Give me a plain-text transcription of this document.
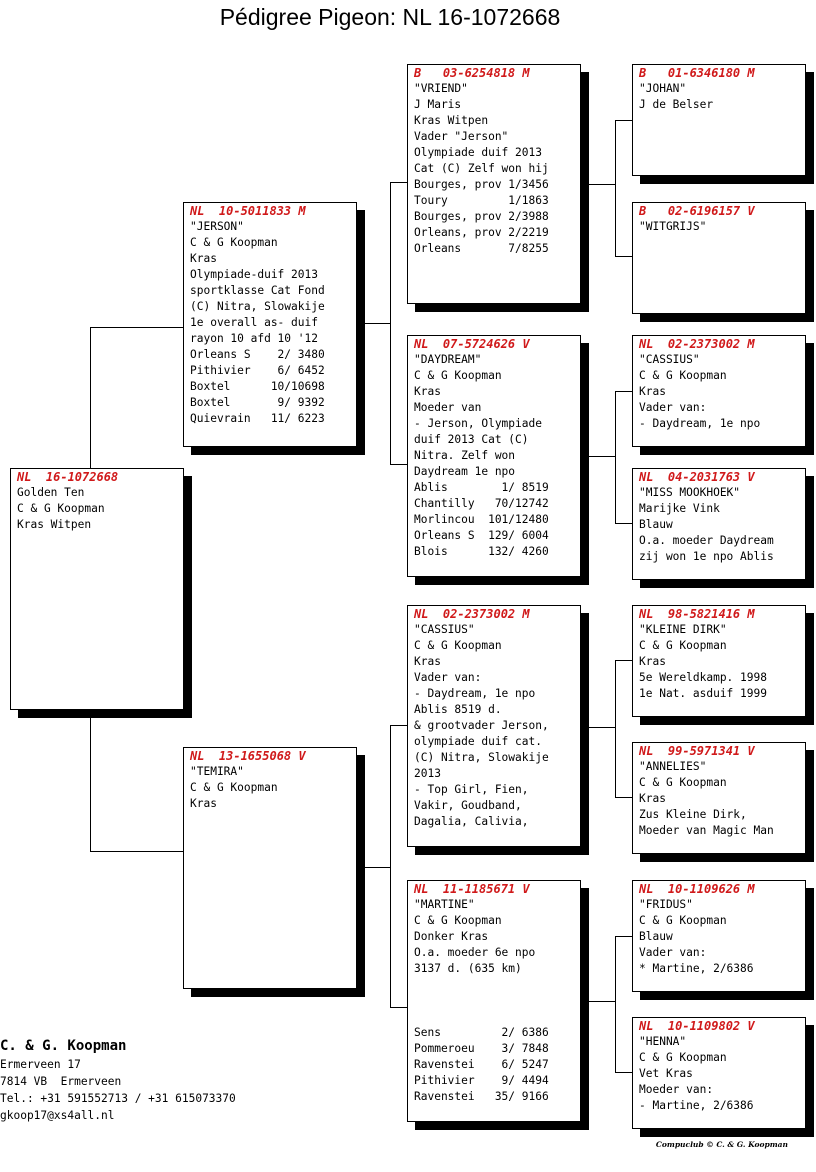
Pédigree Pigeon: NL 16-1072668
NL  16-1072668
Golden Ten
C & G Koopman
Kras Witpen
NL  10-5011833 M
"JERSON"
C & G Koopman
Kras
Olympiade-duif 2013
sportklasse Cat Fond
(C) Nitra, Slowakije
1e overall as- duif
rayon 10 afd 10 '12
Orleans S    2/ 3480
Pithivier    6/ 6452
Boxtel      10/10698
Boxtel       9/ 9392
Quievrain   11/ 6223
NL  13-1655068 V
"TEMIRA"
C & G Koopman
Kras
B   03-6254818 M
"VRIEND"
J Maris
Kras Witpen
Vader "Jerson"
Olympiade duif 2013
Cat (C) Zelf won hij
Bourges, prov 1/3456
Toury         1/1863
Bourges, prov 2/3988
Orleans, prov 2/2219
Orleans       7/8255
NL  07-5724626 V
"DAYDREAM"
C & G Koopman
Kras
Moeder van
- Jerson, Olympiade
duif 2013 Cat (C)
Nitra. Zelf won
Daydream 1e npo
Ablis        1/ 8519
Chantilly   70/12742
Morlincou  101/12480
Orleans S  129/ 6004
Blois      132/ 4260
NL  02-2373002 M
"CASSIUS"
C & G Koopman
Kras
Vader van:
- Daydream, 1e npo
Ablis 8519 d.
& grootvader Jerson,
olympiade duif cat.
(C) Nitra, Slowakije
2013
- Top Girl, Fien,
Vakir, Goudband,
Dagalia, Calivia,
NL  11-1185671 V
"MARTINE"
C & G Koopman
Donker Kras
O.a. moeder 6e npo
3137 d. (635 km)

Sens         2/ 6386
Pommeroeu    3/ 7848
Ravenstei    6/ 5247
Pithivier    9/ 4494
Ravenstei   35/ 9166
B   01-6346180 M
"JOHAN"
J de Belser
B   02-6196157 V
"WITGRIJS"
NL  02-2373002 M
"CASSIUS"
C & G Koopman
Kras
Vader van:
- Daydream, 1e npo
NL  04-2031763 V
"MISS MOOKHOEK"
Marijke Vink
Blauw
O.a. moeder Daydream
zij won 1e npo Ablis
NL  98-5821416 M
"KLEINE DIRK"
C & G Koopman
Kras
5e Wereldkamp. 1998
1e Nat. asduif 1999
NL  99-5971341 V
"ANNELIES"
C & G Koopman
Kras
Zus Kleine Dirk,
Moeder van Magic Man
NL  10-1109626 M
"FRIDUS"
C & G Koopman
Blauw
Vader van:
* Martine, 2/6386
NL  10-1109802 V
"HENNA"
C & G Koopman
Vet Kras
Moeder van:
- Martine, 2/6386
C. & G. Koopman
Ermerveen 17
7814 VB  Ermerveen
Tel.: +31 591552713 / +31 615073370
gkoop17@xs4all.nl
Compuclub © C. & G. Koopman
